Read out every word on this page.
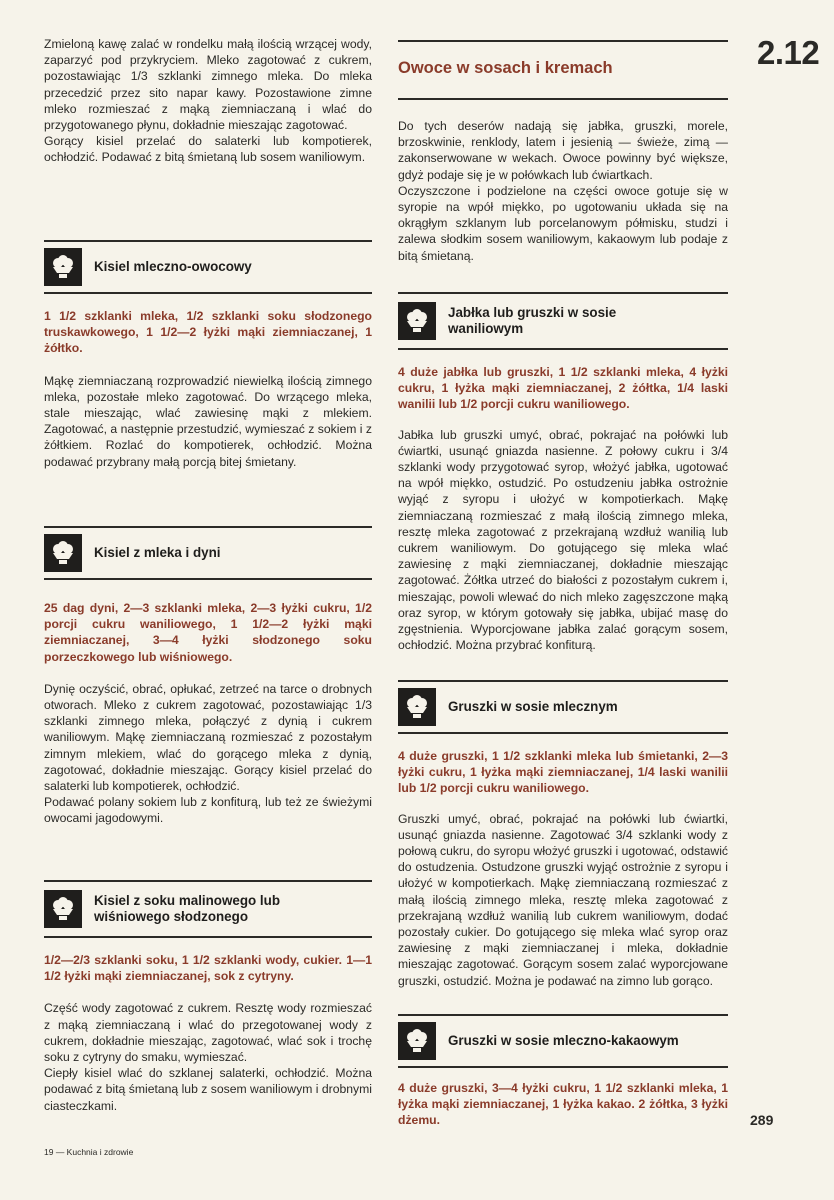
Zmieloną kawę zalać w rondelku małą ilością wrzącej wody, zaparzyć pod przykryciem. Mleko zagotować z cukrem, pozostawiając 1/3 szklanki zimnego mleka. Do mleka przecedzić przez sito napar kawy. Pozostawione zimne mleko rozmieszać z mąką ziemniaczaną i wlać do przygotowanego płynu, dokładnie mieszając zagotować.

Gorący kisiel przelać do salaterki lub kompotierek, ochłodzić. Podawać z bitą śmietaną lub sosem waniliowym.

Kisiel mleczno-owocowy

1 1/2 szklanki mleka, 1/2 szklanki soku słodzonego truskawkowego, 1 1/2—2 łyżki mąki ziemniaczanej, 1 żółtko.

Mąkę ziemniaczaną rozprowadzić niewielką ilością zimnego mleka, pozostałe mleko zagotować. Do wrzącego mleka, stale mieszając, wlać zawiesinę mąki z mlekiem. Zagotować, a następnie przestudzić, wymieszać z sokiem i z żółtkiem. Rozlać do kompotierek, ochłodzić. Można podawać przybrany małą porcją bitej śmietany.

Kisiel z mleka i dyni

25 dag dyni, 2—3 szklanki mleka, 2—3 łyżki cukru, 1/2 porcji cukru waniliowego, 1 1/2—2 łyżki mąki ziemniaczanej, 3—4 łyżki słodzonego soku porzeczkowego lub wiśniowego.

Dynię oczyścić, obrać, opłukać, zetrzeć na tarce o drobnych otworach. Mleko z cukrem zagotować, pozostawiając 1/3 szklanki zimnego mleka, połączyć z dynią i cukrem waniliowym. Mąkę ziemniaczaną rozmieszać z pozostałym zimnym mlekiem, wlać do gorącego mleka z dynią, zagotować, dokładnie mieszając. Gorący kisiel przelać do salaterki lub kompotierek, ochłodzić.

Podawać polany sokiem lub z konfiturą, lub też ze świeżymi owocami jagodowymi.

Kisiel z soku malinowego lub wiśniowego słodzonego

1/2—2/3 szklanki soku, 1 1/2 szklanki wody, cukier. 1—1 1/2 łyżki mąki ziemniaczanej, sok z cytryny.

Część wody zagotować z cukrem. Resztę wody rozmieszać z mąką ziemniaczaną i wlać do przegotowanej wody z cukrem, dokładnie mieszając, zagotować, wlać sok i trochę soku z cytryny do smaku, wymieszać.

Ciepły kisiel wlać do szklanej salaterki, ochłodzić. Można podawać z bitą śmietaną lub z sosem waniliowym i drobnymi ciasteczkami.

19 — Kuchnia i zdrowie
2.12
Owoce w sosach i kremach

Do tych deserów nadają się jabłka, gruszki, morele, brzoskwinie, renklody, latem i jesienią — świeże, zimą — zakonserwowane w wekach. Owoce powinny być większe, gdyż podaje się je w połówkach lub ćwiartkach.

Oczyszczone i podzielone na części owoce gotuje się w syropie na wpół miękko, po ugotowaniu układa się na okrągłym szklanym lub porcelanowym półmisku, studzi i zalewa słodkim sosem waniliowym, kakaowym lub podaje z bitą śmietaną.

Jabłka lub gruszki w sosie waniliowym

4 duże jabłka lub gruszki, 1 1/2 szklanki mleka, 4 łyżki cukru, 1 łyżka mąki ziemniaczanej, 2 żółtka, 1/4 laski wanilii lub 1/2 porcji cukru waniliowego.

Jabłka lub gruszki umyć, obrać, pokrajać na połówki lub ćwiartki, usunąć gniazda nasienne. Z połowy cukru i 3/4 szklanki wody przygotować syrop, włożyć jabłka, ugotować na wpół miękko, ostudzić. Po ostudzeniu jabłka ostrożnie wyjąć z syropu i ułożyć w kompotierkach. Mąkę ziemniaczaną rozmieszać z małą ilością zimnego mleka, resztę mleka zagotować z przekrajaną wzdłuż wanilią lub cukrem waniliowym. Do gotującego się mleka wlać zawiesinę z mąki ziemniaczanej, dokładnie mieszając zagotować. Żółtka utrzeć do białości z pozostałym cukrem i, mieszając, powoli wlewać do nich mleko zagęszczone mąką oraz syrop, w którym gotowały się jabłka, ubijać masę do zgęstnienia. Wyporcjowane jabłka zalać gorącym sosem, ochłodzić. Można przybrać konfiturą.

Gruszki w sosie mlecznym

4 duże gruszki, 1 1/2 szklanki mleka lub śmietanki, 2—3 łyżki cukru, 1 łyżka mąki ziemniaczanej, 1/4 laski wanilii lub 1/2 porcji cukru waniliowego.

Gruszki umyć, obrać, pokrajać na połówki lub ćwiartki, usunąć gniazda nasienne. Zagotować 3/4 szklanki wody z połową cukru, do syropu włożyć gruszki i ugotować, odstawić do ostudzenia. Ostudzone gruszki wyjąć ostrożnie z syropu i ułożyć w kompotierkach. Mąkę ziemniaczaną rozmieszać z małą ilością zimnego mleka, resztę mleka zagotować z przekrajaną wzdłuż wanilią lub cukrem waniliowym, dodać pozostały cukier. Do gotującego się mleka wlać syrop oraz zawiesinę z mąki ziemniaczanej i mleka, dokładnie mieszając zagotować. Gorącym sosem zalać wyporcjowane gruszki, ostudzić. Można je podawać na zimno lub gorąco.

Gruszki w sosie mleczno-kakaowym

4 duże gruszki, 3—4 łyżki cukru, 1 1/2 szklanki mleka, 1 łyżka mąki ziemniaczanej, 1 łyżka kakao. 2 żółtka, 3 łyżki dżemu.	289
